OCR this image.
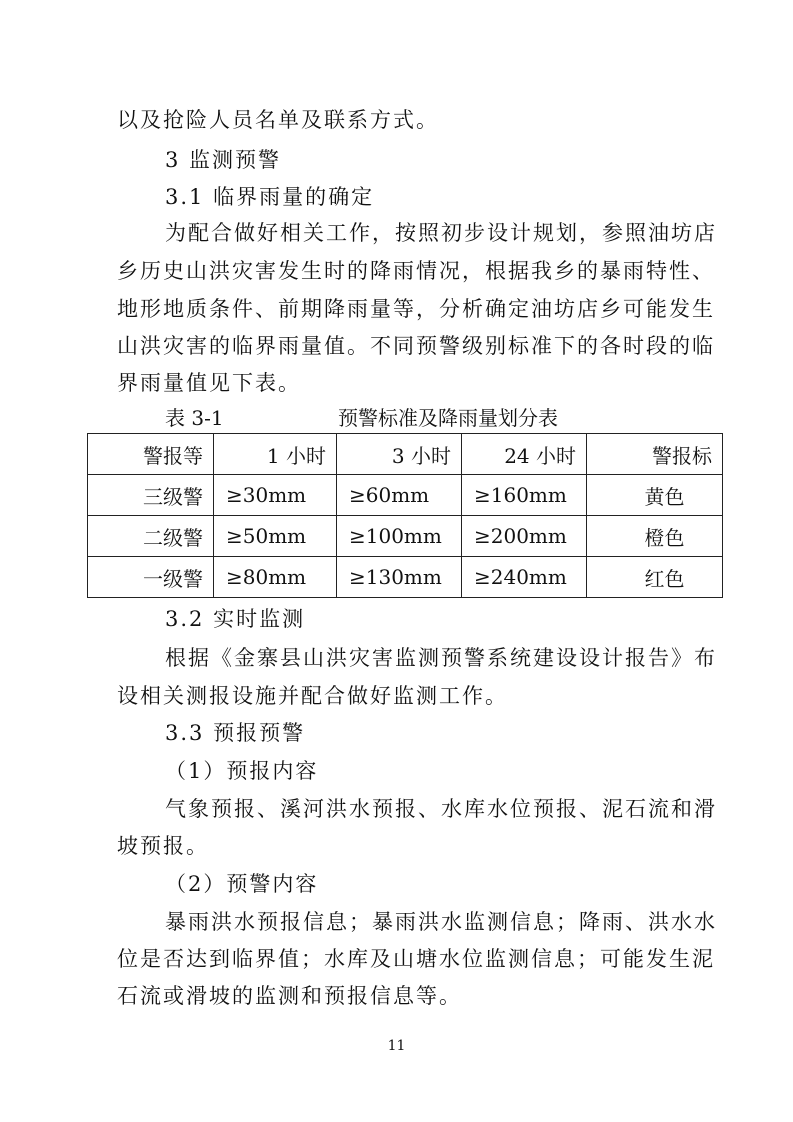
以及抢险人员名单及联系方式。

3 监测预警

3.1 临界雨量的确定

为配合做好相关工作，按照初步设计规划，参照油坊店

乡历史山洪灾害发生时的降雨情况，根据我乡的暴雨特性、

地形地质条件、前期降雨量等，分析确定油坊店乡可能发生

山洪灾害的临界雨量值。不同预警级别标准下的各时段的临

界雨量值见下表。

表 3-1	预警标准及降雨量划分表
警报等	1 小时	3 小时	24 小时	警报标
三级警	≥30mm	≥60mm	≥160mm	黄色
二级警	≥50mm	≥100mm	≥200mm	橙色
一级警	≥80mm	≥130mm	≥240mm	红色

3.2 实时监测

根据《金寨县山洪灾害监测预警系统建设设计报告》布

设相关测报设施并配合做好监测工作。

3.3 预报预警

（1）预报内容

气象预报、溪河洪水预报、水库水位预报、泥石流和滑

坡预报。

（2）预警内容

暴雨洪水预报信息；暴雨洪水监测信息；降雨、洪水水

位是否达到临界值；水库及山塘水位监测信息；可能发生泥

石流或滑坡的监测和预报信息等。

11
